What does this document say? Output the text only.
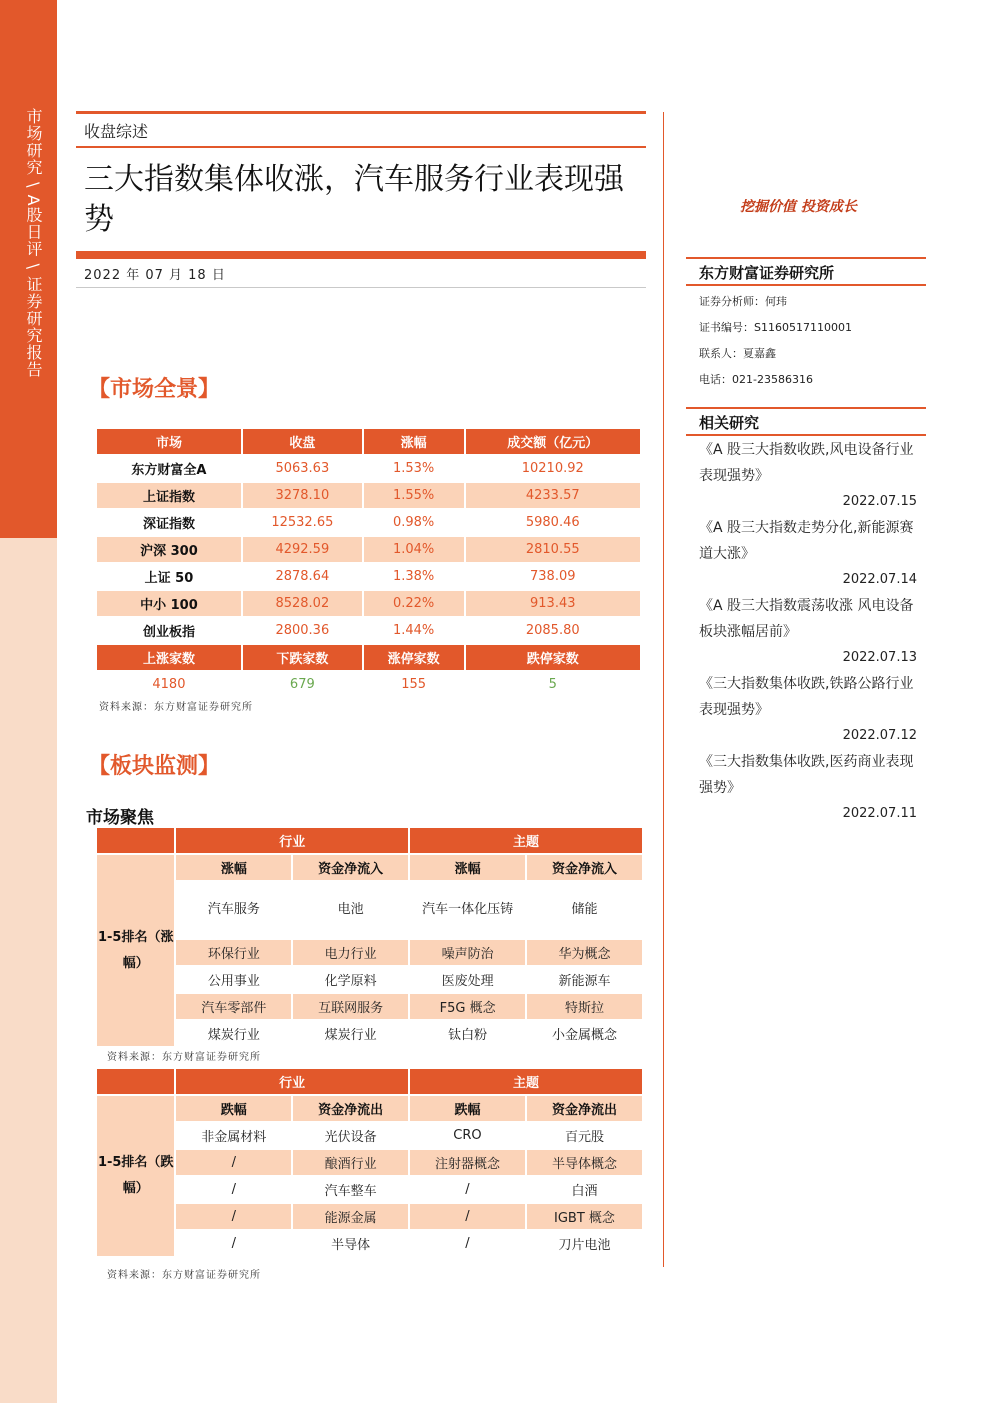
市场研究 \ A股日评 \ 证券研究报告	收盘综述
三大指数集体收涨，汽车服务行业表现强势
2022 年 07 月 18 日
【市场全景】
市场	收盘	涨幅	成交额（亿元）
东方财富全A	5063.63	1.53%	10210.92
上证指数	3278.10	1.55%	4233.57
深证指数	12532.65	0.98%	5980.46
沪深 300	4292.59	1.04%	2810.55
上证 50	2878.64	1.38%	738.09
中小 100	8528.02	0.22%	913.43
创业板指	2800.36	1.44%	2085.80
上涨家数	下跌家数	涨停家数	跌停家数
4180	679	155	5
资料来源：东方财富证券研究所
【板块监测】
市场聚焦
	行业		主题	
1-5排名（涨幅）	涨幅	资金净流入	涨幅	资金净流入
	汽车服务	电池	汽车一体化压铸	储能
	环保行业	电力行业	噪声防治	华为概念
	公用事业	化学原料	医废处理	新能源车
	汽车零部件	互联网服务	F5G 概念	特斯拉
	煤炭行业	煤炭行业	钛白粉	小金属概念
资料来源：东方财富证券研究所
	行业		主题	
1-5排名（跌幅）	跌幅	资金净流出	跌幅	资金净流出
	非金属材料	光伏设备	CRO	百元股
	/	酿酒行业	注射器概念	半导体概念
	/	汽车整车	/	白酒
	/	能源金属	/	IGBT 概念
	/	半导体	/	刀片电池
资料来源：东方财富证券研究所
挖掘价值 投资成长
东方财富证券研究所
证券分析师：何玮
证书编号：S1160517110001
联系人：夏嘉鑫
电话：021-23586316
相关研究
《A 股三大指数收跌,风电设备行业表现强势》
2022.07.15
《A 股三大指数走势分化,新能源赛道大涨》
2022.07.14
《A 股三大指数震荡收涨 风电设备板块涨幅居前》
2022.07.13
《三大指数集体收跌,铁路公路行业表现强势》
2022.07.12
《三大指数集体收跌,医药商业表现强势》
2022.07.11
